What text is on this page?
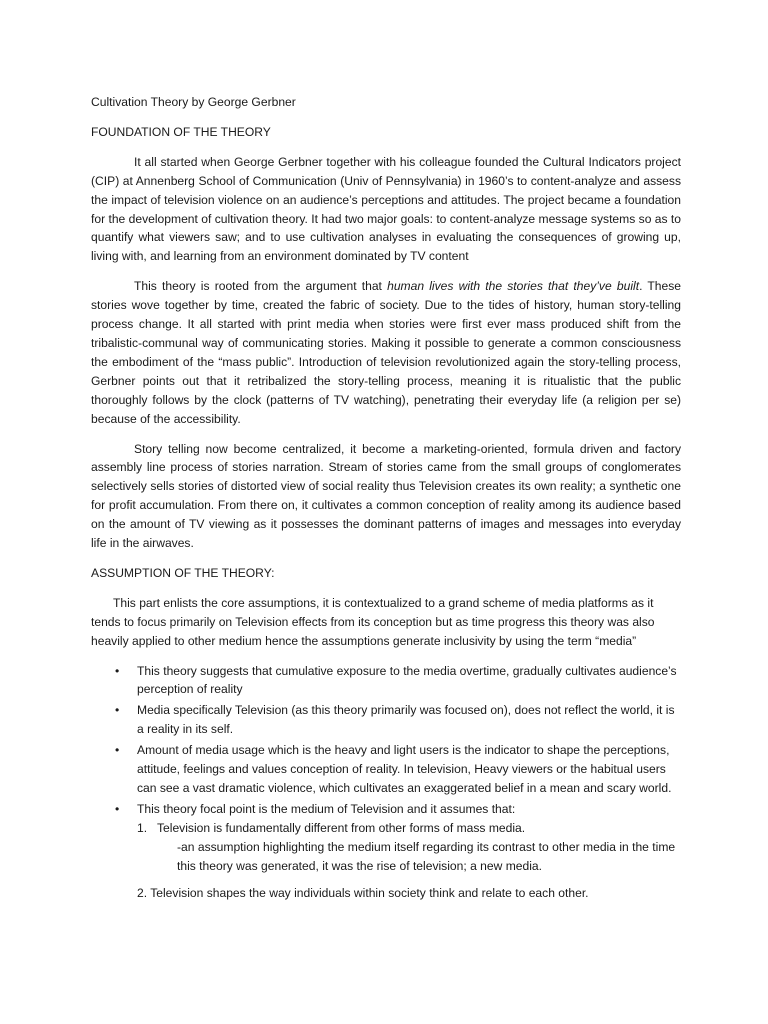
Cultivation Theory by George Gerbner
FOUNDATION OF THE THEORY

It all started when George Gerbner together with his colleague founded the Cultural Indicators project (CIP) at Annenberg School of Communication (Univ of Pennsylvania) in 1960’s to content-analyze and assess the impact of television violence on an audience’s perceptions and attitudes. The project became a foundation for the development of cultivation theory. It had two major goals: to content-analyze message systems so as to quantify what viewers saw; and to use cultivation analyses in evaluating the consequences of growing up, living with, and learning from an environment dominated by TV content

This theory is rooted from the argument that human lives with the stories that they’ve built. These stories wove together by time, created the fabric of society. Due to the tides of history, human story-telling process change. It all started with print media when stories were first ever mass produced shift from the tribalistic-communal way of communicating stories. Making it possible to generate a common consciousness the embodiment of the “mass public”. Introduction of television revolutionized again the story-telling process, Gerbner points out that it retribalized the story-telling process, meaning it is ritualistic that the public thoroughly follows by the clock (patterns of TV watching), penetrating their everyday life (a religion per se) because of the accessibility.

Story telling now become centralized, it become a marketing-oriented, formula driven and factory assembly line process of stories narration. Stream of stories came from the small groups of conglomerates selectively sells stories of distorted view of social reality thus Television creates its own reality; a synthetic one for profit accumulation. From there on, it cultivates a common conception of reality among its audience based on the amount of TV viewing as it possesses the dominant patterns of images and messages into everyday life in the airwaves.

ASSUMPTION OF THE THEORY:

This part enlists the core assumptions, it is contextualized to a grand scheme of media platforms as it tends to focus primarily on Television effects from its conception but as time progress this theory was also heavily applied to other medium hence the assumptions generate inclusivity by using the term “media”

• This theory suggests that cumulative exposure to the media overtime, gradually cultivates audience’s perception of reality
• Media specifically Television (as this theory primarily was focused on), does not reflect the world, it is a reality in its self.
• Amount of media usage which is the heavy and light users is the indicator to shape the perceptions, attitude, feelings and values conception of reality. In television, Heavy viewers or the habitual users can see a vast dramatic violence, which cultivates an exaggerated belief in a mean and scary world.
• This theory focal point is the medium of Television and it assumes that:
1. Television is fundamentally different from other forms of mass media.
-an assumption highlighting the medium itself regarding its contrast to other media in the time this theory was generated, it was the rise of television; a new media.
2. Television shapes the way individuals within society think and relate to each other.
